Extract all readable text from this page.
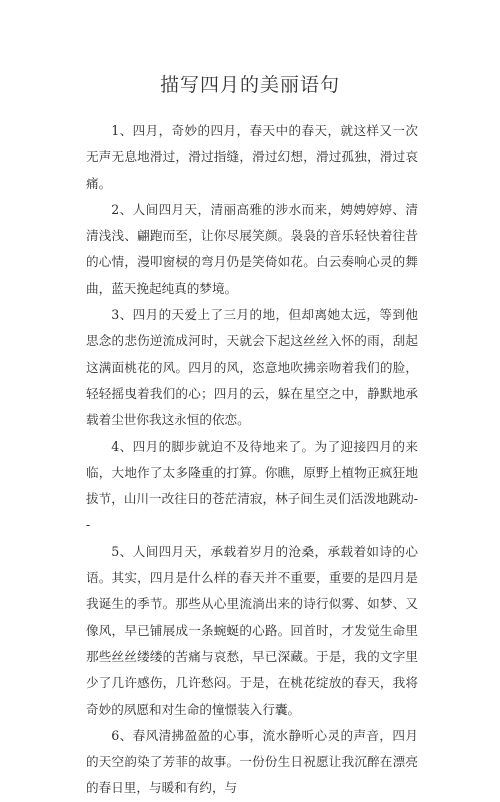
描写四月的美丽语句

1、四月，奇妙的四月，春天中的春天，就这样又一次无声无息地滑过，滑过指缝，滑过幻想，滑过孤独，滑过哀痛。

2、人间四月天，清丽高雅的涉水而来，娉娉婷婷、清清浅浅、翩跑而至，让你尽展笑颜。袅袅的音乐轻快着往昔的心情，漫叩窗棂的弯月仍是笑倚如花。白云奏响心灵的舞曲，蓝天挽起纯真的梦境。

3、四月的天爱上了三月的地，但却离她太远，等到他思念的悲伤逆流成河时，天就会下起这丝丝入怀的雨，刮起这满面桃花的风。四月的风，恣意地吹拂亲吻着我们的脸，轻轻摇曳着我们的心；四月的云，躲在星空之中，静默地承载着尘世你我这永恒的依恋。

4、四月的脚步就迫不及待地来了。为了迎接四月的来临，大地作了太多隆重的打算。你瞧，原野上植物正疯狂地拔节，山川一改往日的苍茫清寂，林子间生灵们活泼地跳动--

5、人间四月天，承载着岁月的沧桑，承载着如诗的心语。其实，四月是什么样的春天并不重要，重要的是四月是我诞生的季节。那些从心里流淌出来的诗行似雾、如梦、又像风，早已铺展成一条蜿蜒的心路。回首时，才发觉生命里那些丝丝缕缕的苦痛与哀愁，早已深藏。于是，我的文字里少了几许感伤，几许愁闷。于是，在桃花绽放的春天，我将奇妙的夙愿和对生命的憧憬装入行囊。

6、春风清拂盈盈的心事，流水静听心灵的声音，四月的天空韵染了芳菲的故事。一份份生日祝愿让我沉醉在漂亮的春日里，与暖和有约，与
